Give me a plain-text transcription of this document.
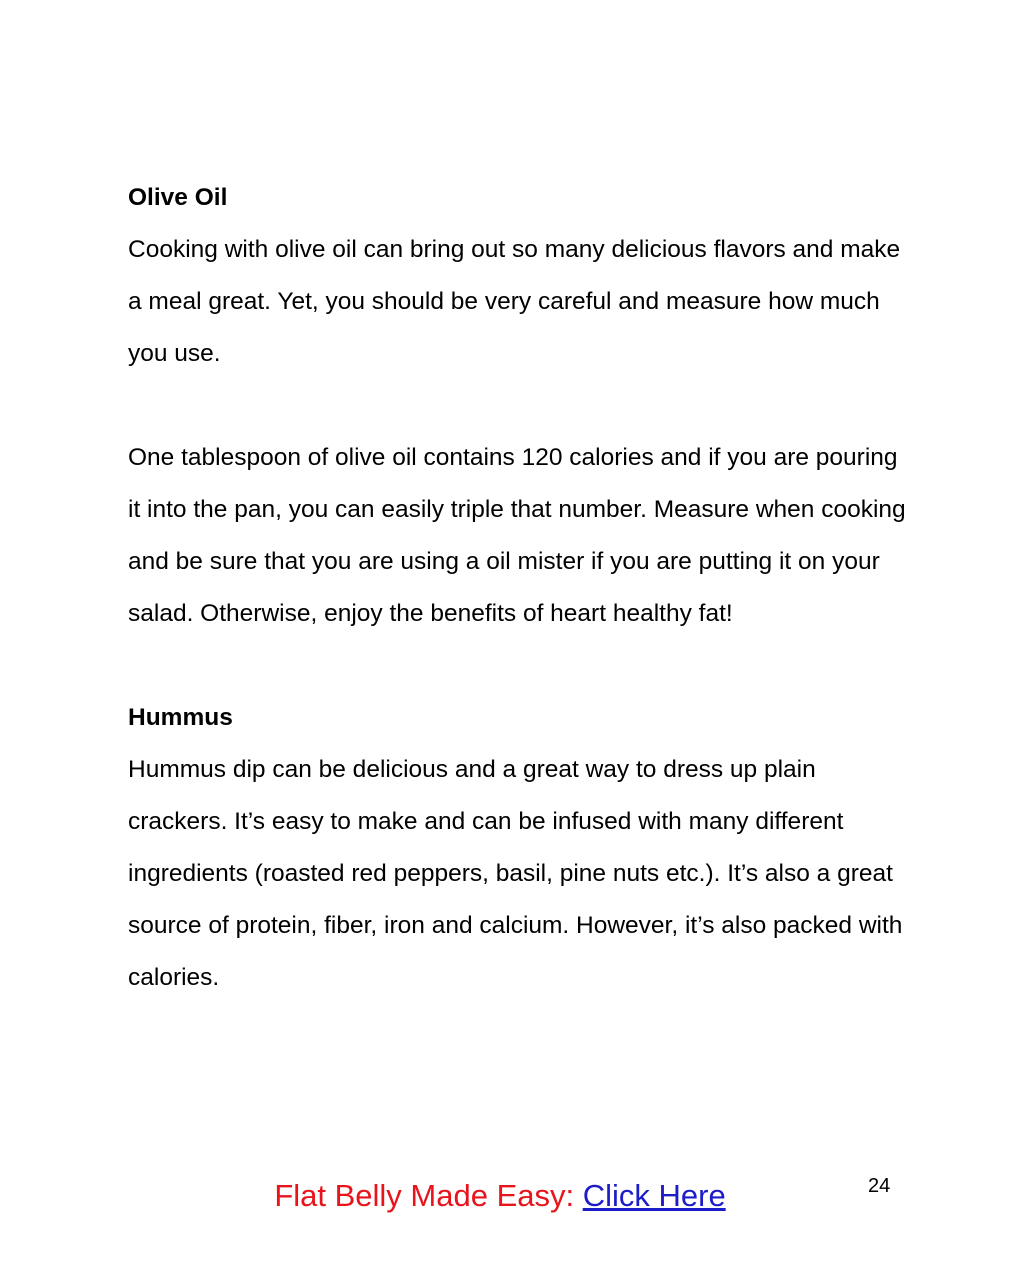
Olive Oil

Cooking with olive oil can bring out so many delicious flavors and make a meal great. Yet, you should be very careful and measure how much you use.

One tablespoon of olive oil contains 120 calories and if you are pouring it into the pan, you can easily triple that number. Measure when cooking and be sure that you are using a oil mister if you are putting it on your salad. Otherwise, enjoy the benefits of heart healthy fat!

Hummus

Hummus dip can be delicious and a great way to dress up plain crackers. It’s easy to make and can be infused with many different ingredients (roasted red peppers, basil, pine nuts etc.). It’s also a great source of protein, fiber, iron and calcium. However, it’s also packed with calories.

Flat Belly Made Easy: Click Here	24
